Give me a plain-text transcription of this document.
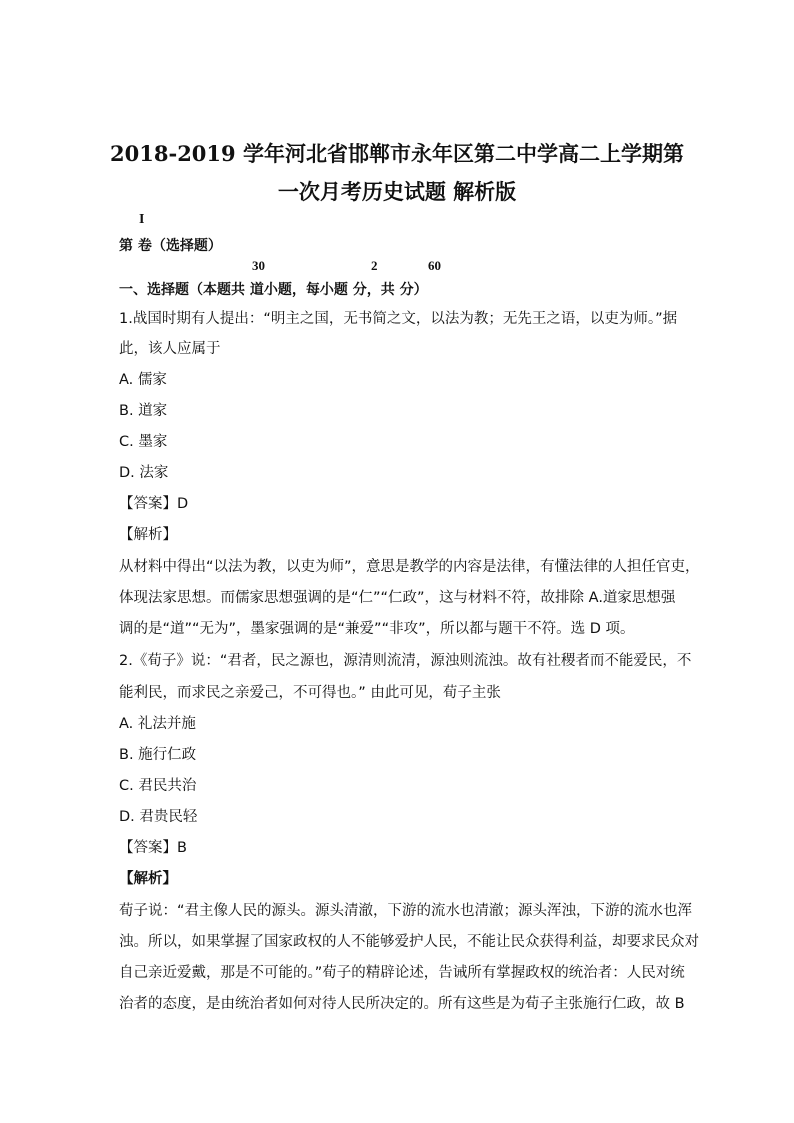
2018-2019 学年河北省邯郸市永年区第二中学高二上学期第
一次月考历史试题 解析版
I
第 卷（选择题）
30	2	60
一、选择题（本题共 道小题，每小题 分，共 分）
1.战国时期有人提出：“明主之国，无书简之文，以法为教；无先王之语，以吏为师。”据
此，该人应属于
A. 儒家
B. 道家
C. 墨家
D. 法家
【答案】D
【解析】
从材料中得出“以法为教，以吏为师”，意思是教学的内容是法律，有懂法律的人担任官吏，
体现法家思想。而儒家思想强调的是“仁”“仁政”，这与材料不符，故排除 A.道家思想强
调的是“道”“无为”，墨家强调的是“兼爱”“非攻”，所以都与题干不符。选 D 项。
2.《荀子》说：“君者，民之源也，源清则流清，源浊则流浊。故有社稷者而不能爱民，不
能利民，而求民之亲爱己，不可得也。” 由此可见，荀子主张
A. 礼法并施
B. 施行仁政
C. 君民共治
D. 君贵民轻
【答案】B
【解析】
荀子说：“君主像人民的源头。源头清澈，下游的流水也清澈；源头浑浊，下游的流水也浑
浊。所以，如果掌握了国家政权的人不能够爱护人民，不能让民众获得利益，却要求民众对
自己亲近爱戴，那是不可能的。”荀子的精辟论述，告诫所有掌握政权的统治者：人民对统
治者的态度，是由统治者如何对待人民所决定的。所有这些是为荀子主张施行仁政，故 B
